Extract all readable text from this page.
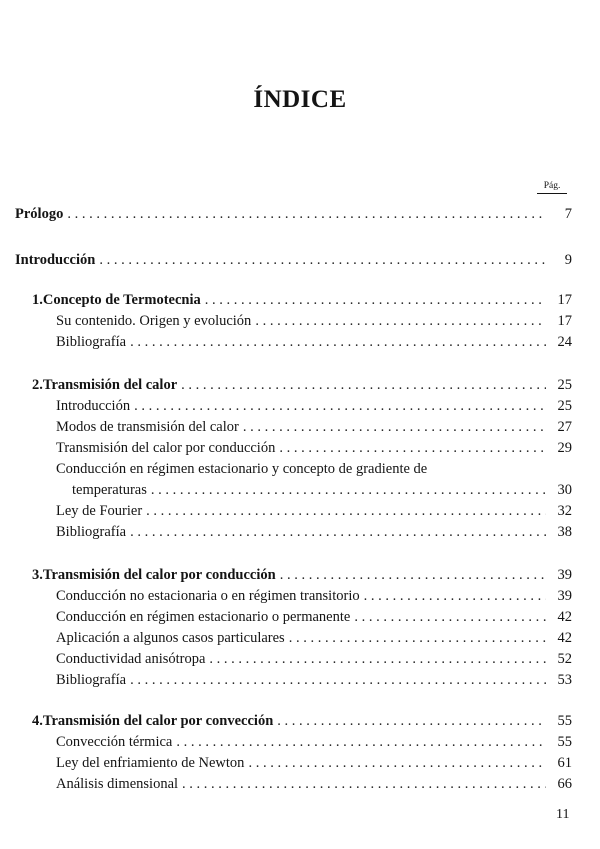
ÍNDICE
Pág.
Prólogo . . .	7
Introducción . . .	9
1. Concepto de Termotecnia . . .	17
Su contenido. Origen y evolución . . .	17
Bibliografía . . .	24
2. Transmisión del calor . . .	25
Introducción . . .	25
Modos de transmisión del calor . . .	27
Transmisión del calor por conducción . . .	29
Conducción en régimen estacionario y concepto de gradiente de
temperaturas . . .	30
Ley de Fourier . . .	32
Bibliografía . . .	38
3. Transmisión del calor por conducción . . .	39
Conducción no estacionaria o en régimen transitorio . . .	39
Conducción en régimen estacionario o permanente . . .	42
Aplicación a algunos casos particulares . . .	42
Conductividad anisótropa . . .	52
Bibliografía . . .	53
4. Transmisión del calor por convección . . .	55
Convección térmica . . .	55
Ley del enfriamiento de Newton . . .	61
Análisis dimensional . . .	66
11
